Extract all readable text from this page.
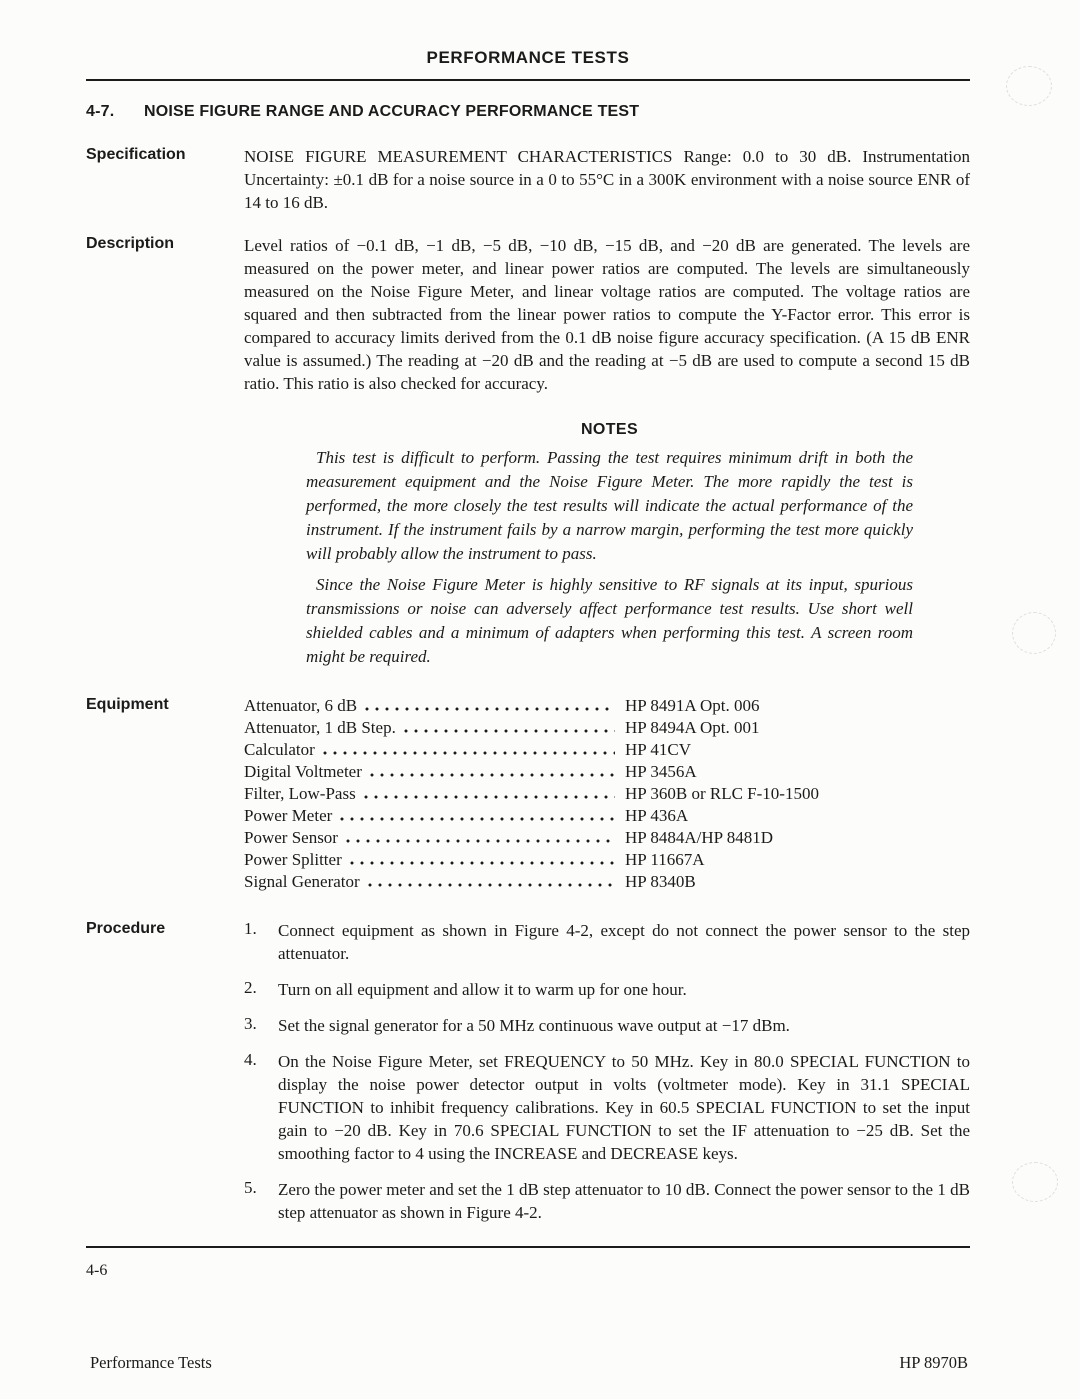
PERFORMANCE TESTS
4-7.	NOISE FIGURE RANGE AND ACCURACY PERFORMANCE TEST
Specification	NOISE FIGURE MEASUREMENT CHARACTERISTICS Range: 0.0 to 30 dB. Instrumentation Uncertainty: ±0.1 dB for a noise source in a 0 to 55°C in a 300K environment with a noise source ENR of 14 to 16 dB.
Description	Level ratios of −0.1 dB, −1 dB, −5 dB, −10 dB, −15 dB, and −20 dB are generated. The levels are measured on the power meter, and linear power ratios are computed. The levels are simultaneously measured on the Noise Figure Meter, and linear voltage ratios are computed. The voltage ratios are squared and then subtracted from the linear power ratios to compute the Y-Factor error. This error is compared to accuracy limits derived from the 0.1 dB noise figure accuracy specification. (A 15 dB ENR value is assumed.) The reading at −20 dB and the reading at −5 dB are used to compute a second 15 dB ratio. This ratio is also checked for accuracy.
NOTES

This test is difficult to perform. Passing the test requires minimum drift in both the measurement equipment and the Noise Figure Meter. The more rapidly the test is performed, the more closely the test results will indicate the actual performance of the instrument. If the instrument fails by a narrow margin, performing the test more quickly will probably allow the instrument to pass.

Since the Noise Figure Meter is highly sensitive to RF signals at its input, spurious transmissions or noise can adversely affect performance test results. Use short well shielded cables and a minimum of adapters when performing this test. A screen room might be required.

Equipment	Attenuator, 6 dB	HP 8491A Opt. 006
Attenuator, 1 dB Step.	HP 8494A Opt. 001
Calculator	HP 41CV
Digital Voltmeter	HP 3456A
Filter, Low-Pass	HP 360B or RLC F-10-1500
Power Meter	HP 436A
Power Sensor	HP 8484A/HP 8481D
Power Splitter	HP 11667A
Signal Generator	HP 8340B
Procedure	1.	Connect equipment as shown in Figure 4-2, except do not connect the power sensor to the step attenuator.
2.	Turn on all equipment and allow it to warm up for one hour.
3.	Set the signal generator for a 50 MHz continuous wave output at −17 dBm.
4.	On the Noise Figure Meter, set FREQUENCY to 50 MHz. Key in 80.0 SPECIAL FUNCTION to display the noise power detector output in volts (voltmeter mode). Key in 31.1 SPECIAL FUNCTION to inhibit frequency calibrations. Key in 60.5 SPECIAL FUNCTION to set the input gain to −20 dB. Key in 70.6 SPECIAL FUNCTION to set the IF attenuation to −25 dB. Set the smoothing factor to 4 using the INCREASE and DECREASE keys.
5.	Zero the power meter and set the 1 dB step attenuator to 10 dB. Connect the power sensor to the 1 dB step attenuator as shown in Figure 4-2.
4-6
Performance Tests	HP 8970B
